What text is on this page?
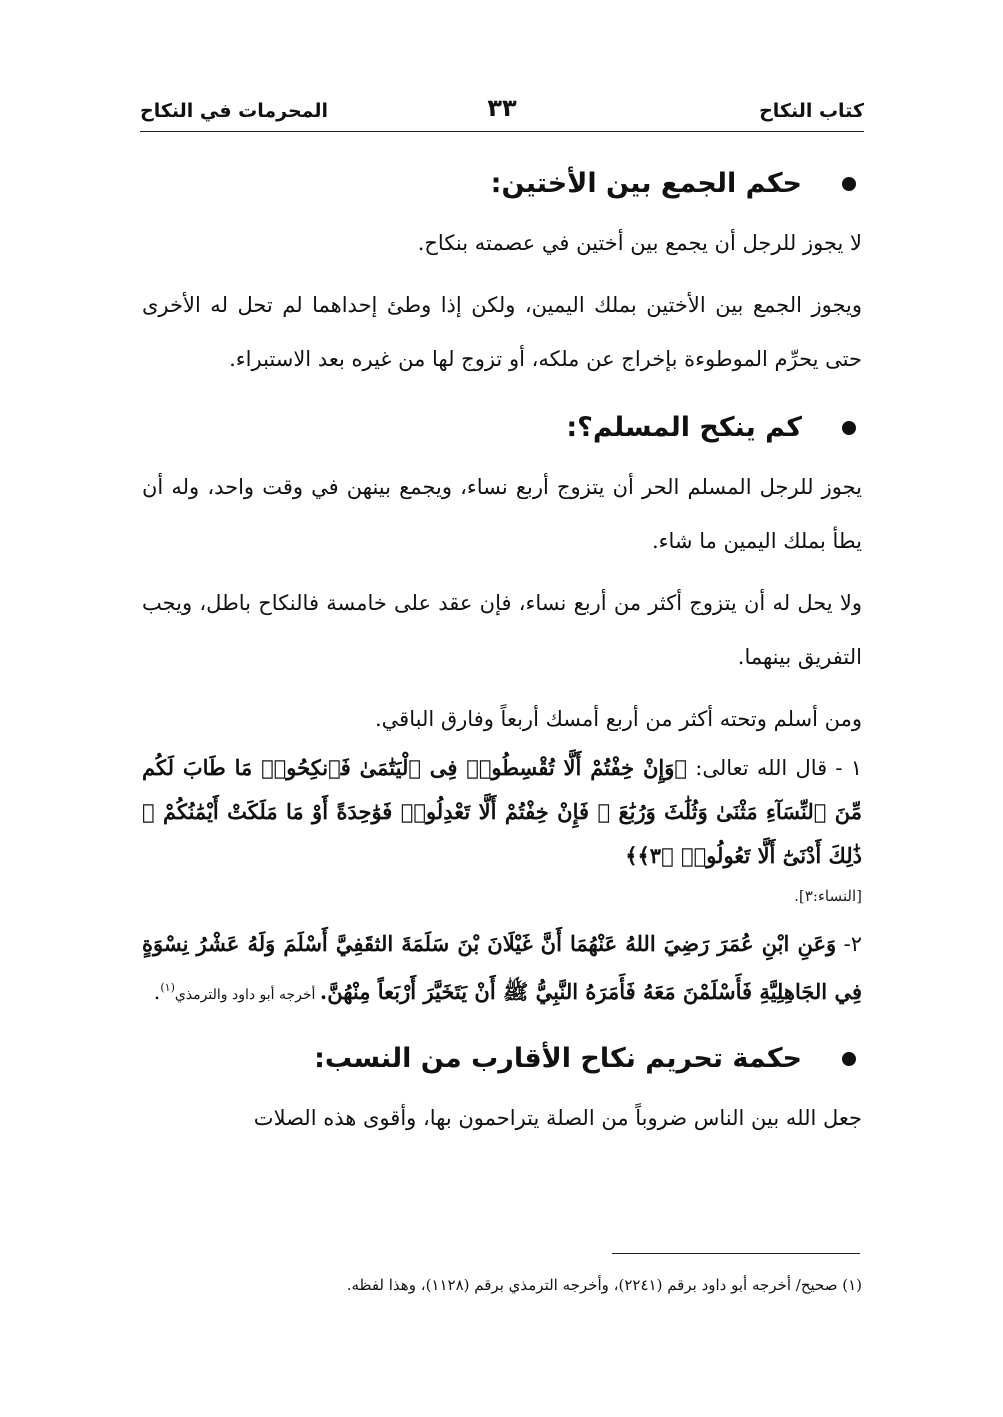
كتاب النكاح
٣٣
المحرمات في النكاح
حكم الجمع بين الأختين:

لا يجوز للرجل أن يجمع بين أختين في عصمته بنكاح.

ويجوز الجمع بين الأختين بملك اليمين، ولكن إذا وطئ إحداهما لم تحل له الأخرى حتى يحرِّم الموطوءة بإخراج عن ملكه، أو تزوج لها من غيره بعد الاستبراء.

كم ينكح المسلم؟:

يجوز للرجل المسلم الحر أن يتزوج أربع نساء، ويجمع بينهن في وقت واحد، وله أن يطأ بملك اليمين ما شاء.

ولا يحل له أن يتزوج أكثر من أربع نساء، فإن عقد على خامسة فالنكاح باطل، ويجب التفريق بينهما.

ومن أسلم وتحته أكثر من أربع أمسك أربعاً وفارق الباقي.

١ - قال الله تعالى: ﴿وَإِنْ خِفْتُمْ أَلَّا تُقْسِطُوا۟ فِى ٱلْيَتَٰمَىٰ فَٱنكِحُوا۟ مَا طَابَ لَكُم مِّنَ ٱلنِّسَآءِ مَثْنَىٰ وَثُلَٰثَ وَرُبَٰعَ ۖ فَإِنْ خِفْتُمْ أَلَّا تَعْدِلُوا۟ فَوَٰحِدَةً أَوْ مَا مَلَكَتْ أَيْمَٰنُكُمْ ۚ ذَٰلِكَ أَدْنَىٰٓ أَلَّا تَعُولُوا۟ ﴿٣﴾﴾

[النساء:٣].

٢- وَعَنِ ابْنِ عُمَرَ رَضِيَ اللهُ عَنْهُمَا أَنَّ غَيْلَانَ بْنَ سَلَمَةَ الثقَفِيَّ أَسْلَمَ وَلَهُ عَشْرُ نِسْوَةٍ فِي الجَاهِلِيَّةِ فَأَسْلَمْنَ مَعَهُ فَأَمَرَهُ النَّبِيُّ ﷺ أَنْ يَتَخَيَّرَ أَرْبَعاً مِنْهُنَّ. أخرجه أبو داود والترمذي$^{(١)}$.

حكمة تحريم نكاح الأقارب من النسب:

جعل الله بين الناس ضروباً من الصلة يتراحمون بها، وأقوى هذه الصلات

(١) صحيح/ أخرجه أبو داود برقم (٢٢٤١)، وأخرجه الترمذي برقم (١١٢٨)، وهذا لفظه.
